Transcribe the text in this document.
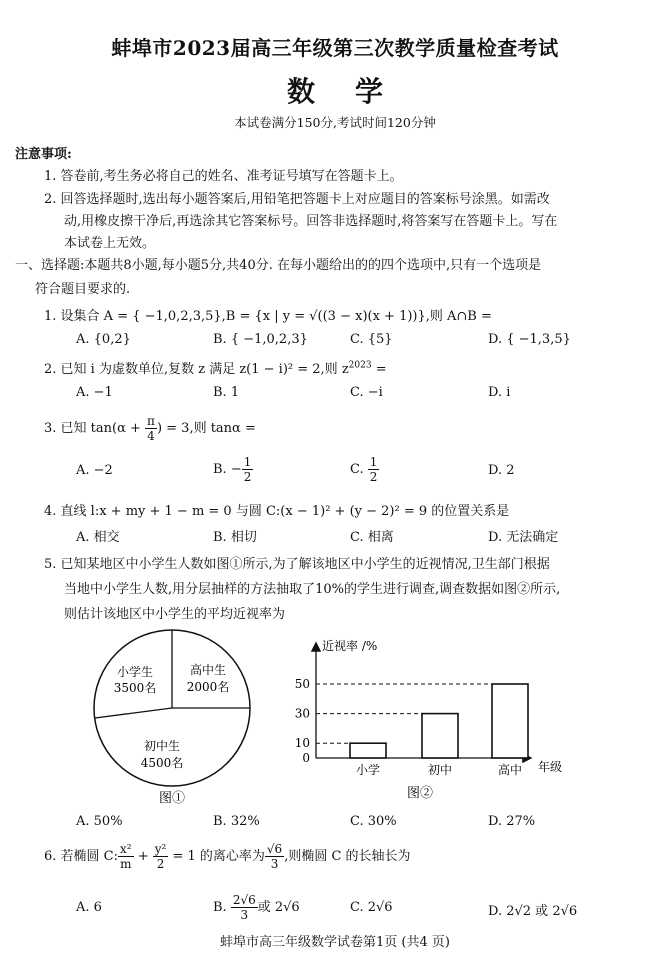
蚌埠市2023届高三年级第三次教学质量检查考试
数学
本试卷满分150分,考试时间120分钟
注意事项:
1. 答卷前,考生务必将自己的姓名、准考证号填写在答题卡上。
2. 回答选择题时,选出每小题答案后,用铅笔把答题卡上对应题目的答案标号涂黑。如需改
动,用橡皮擦干净后,再选涂其它答案标号。回答非选择题时,将答案写在答题卡上。写在
本试卷上无效。
一、选择题:本题共8小题,每小题5分,共40分. 在每小题给出的的四个选项中,只有一个选项是
符合题目要求的.
1. 设集合 A = { −1,0,2,3,5},B = {x | y = √((3 − x)(x + 1))},则 A∩B =
A. {0,2}	B. { −1,0,2,3}	C. {5}	D. { −1,3,5}
2. 已知 i 为虚数单位,复数 z 满足 z(1 − i)² = 2,则 $z^{2023}$ =
A. −1	B. 1	C. −i	D. i
3. 已知 $\tan(\alpha + \frac{\pi}{4}$ ) = 3,则 tanα =
A. −2	B. − $\frac{1}{2}$	C. $\frac{1}{2}$	D. 2
4. 直线 l:x + my + 1 − m = 0 与圆 C:(x − 1)² + (y − 2)² = 9 的位置关系是
A. 相交	B. 相切	C. 相离	D. 无法确定
5. 已知某地区中小学生人数如图①所示,为了解该地区中小学生的近视情况,卫生部门根据
当地中小学生人数,用分层抽样的方法抽取了10%的学生进行调查,调查数据如图②所示,
则估计该地区中小学生的平均近视率为
小学生
3500名
高中生
2000名
初中生
4500名
图①
近视率 /%
年级
0
10
30
50
小学	初中	高中
图②
A. 50%	B. 32%	C. 30%	D. 27%
6. 若椭圆 C: $\frac{\text{x²}}{m} + \frac{\text{y²}}{2} = 1$ 的离心率为 $\frac{√6}{3}$ ,则椭圆 C 的长轴长为
A. 6	B. $\frac{2√6}{3}$ 或 2√6	C. 2√6	D. 2√2 或 2√6
蚌埠市高三年级数学试卷第1页 (共4 页)
